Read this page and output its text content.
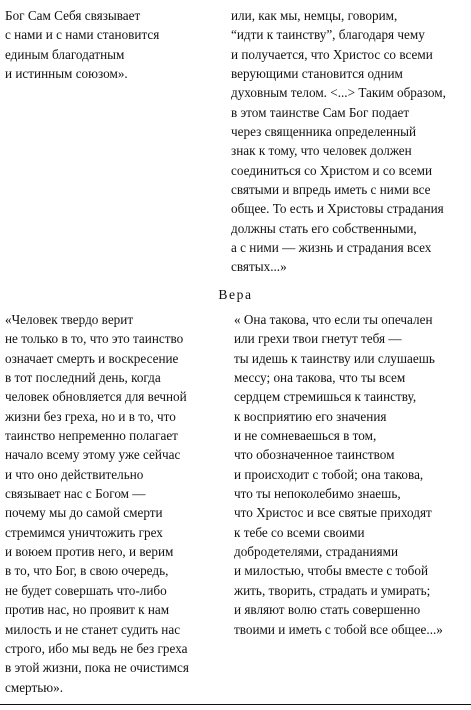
Бог Сам Себя связывает
с нами и с нами становится
единым благодатным
и истинным союзом».
или, как мы, немцы, говорим,
“идти к таинству”, благодаря чему
и получается, что Христос со всеми
верующими становится одним
духовным телом. <...> Таким образом,
в этом таинстве Сам Бог подает
через священника определенный
знак к тому, что человек должен
соединиться со Христом и со всеми
святыми и впредь иметь с ними все
общее. То есть и Христовы страдания
должны стать его собственными,
а с ними — жизнь и страдания всех
святых...»
Вера
«Человек твердо верит
не только в то, что это таинство
означает смерть и воскресение
в тот последний день, когда
человек обновляется для вечной
жизни без греха, но и в то, что
таинство непременно полагает
начало всему этому уже сейчас
и что оно действительно
связывает нас с Богом —
почему мы до самой смерти
стремимся уничтожить грех
и воюем против него, и верим
в то, что Бог, в свою очередь,
не будет совершать что-либо
против нас, но проявит к нам
милость и не станет судить нас
строго, ибо мы ведь не без греха
в этой жизни, пока не очистимся
смертью».
« Она такова, что если ты опечален
или грехи твои гнетут тебя —
ты идешь к таинству или слушаешь
мессу; она такова, что ты всем
сердцем стремишься к таинству,
к восприятию его значения
и не сомневаешься в том,
что обозначенное таинством
и происходит с тобой; она такова,
что ты непоколебимо знаешь,
что Христос и все святые приходят
к тебе со всеми своими
добродетелями, страданиями
и милостью, чтобы вместе с тобой
жить, творить, страдать и умирать;
и являют волю стать совершенно
твоими и иметь с тобой все общее...»
